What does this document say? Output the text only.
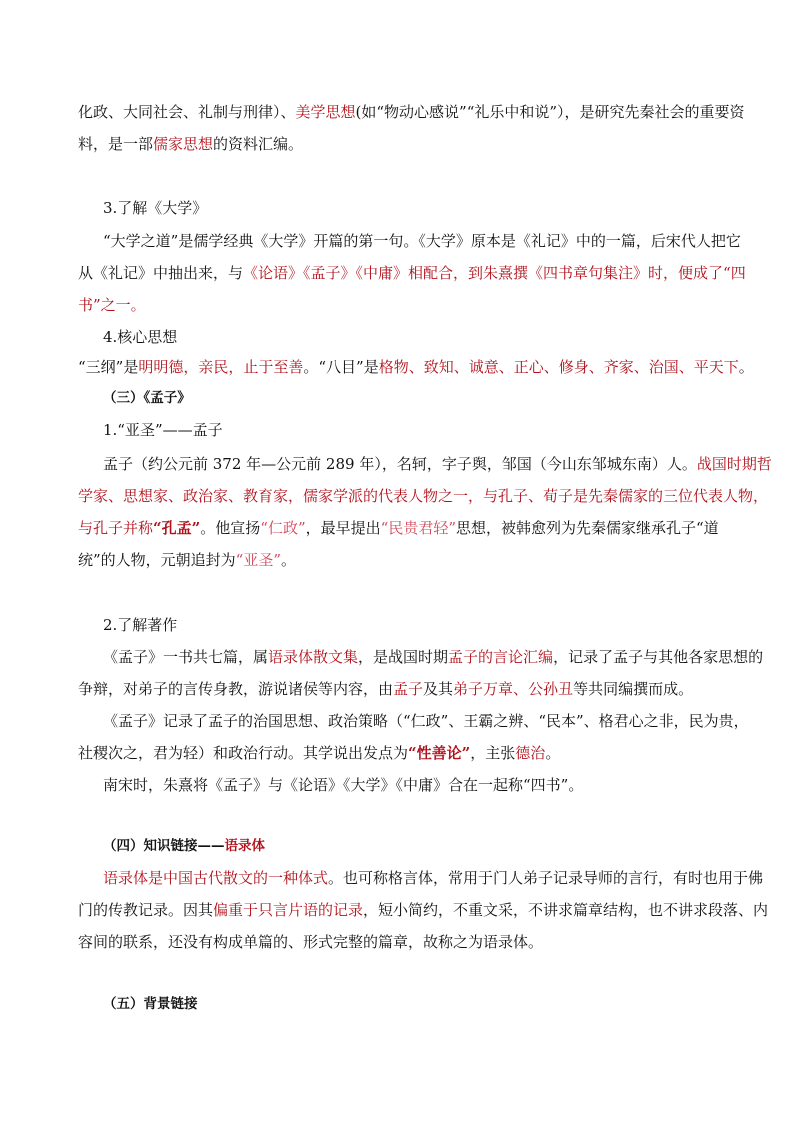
化政、大同社会、礼制与刑律）、美学思想(如“物动心感说”“礼乐中和说”），是研究先秦社会的重要资
料，是一部儒家思想的资料汇编。
3.了解《大学》
“大学之道”是儒学经典《大学》开篇的第一句。《大学》原本是《礼记》中的一篇，后宋代人把它
从《礼记》中抽出来，与《论语》《孟子》《中庸》相配合，到朱熹撰《四书章句集注》时，便成了“四
书”之一。
4.核心思想
“三纲”是明明德，亲民，止于至善。“八目”是格物、致知、诚意、正心、修身、齐家、治国、平天下。
（三）《孟子》
1.“亚圣”——孟子
孟子（约公元前 372 年—公元前 289 年），名轲，字子舆，邹国（今山东邹城东南）人。战国时期哲
学家、思想家、政治家、教育家，儒家学派的代表人物之一，与孔子、荀子是先秦儒家的三位代表人物，
与孔子并称“孔孟”。他宣扬“仁政”，最早提出“民贵君轻”思想，被韩愈列为先秦儒家继承孔子“道
统”的人物，元朝追封为“亚圣”。
2.了解著作
《孟子》一书共七篇，属语录体散文集，是战国时期孟子的言论汇编，记录了孟子与其他各家思想的
争辩，对弟子的言传身教，游说诸侯等内容，由孟子及其弟子万章、公孙丑等共同编撰而成。
《孟子》记录了孟子的治国思想、政治策略（“仁政”、王霸之辨、“民本”、格君心之非，民为贵，
社稷次之，君为轻）和政治行动。其学说出发点为“性善论”，主张德治。
南宋时，朱熹将《孟子》与《论语》《大学》《中庸》合在一起称“四书”。
（四）知识链接——语录体
语录体是中国古代散文的一种体式。也可称格言体，常用于门人弟子记录导师的言行，有时也用于佛
门的传教记录。因其偏重于只言片语的记录，短小简约，不重文采，不讲求篇章结构，也不讲求段落、内
容间的联系，还没有构成单篇的、形式完整的篇章，故称之为语录体。
（五）背景链接
